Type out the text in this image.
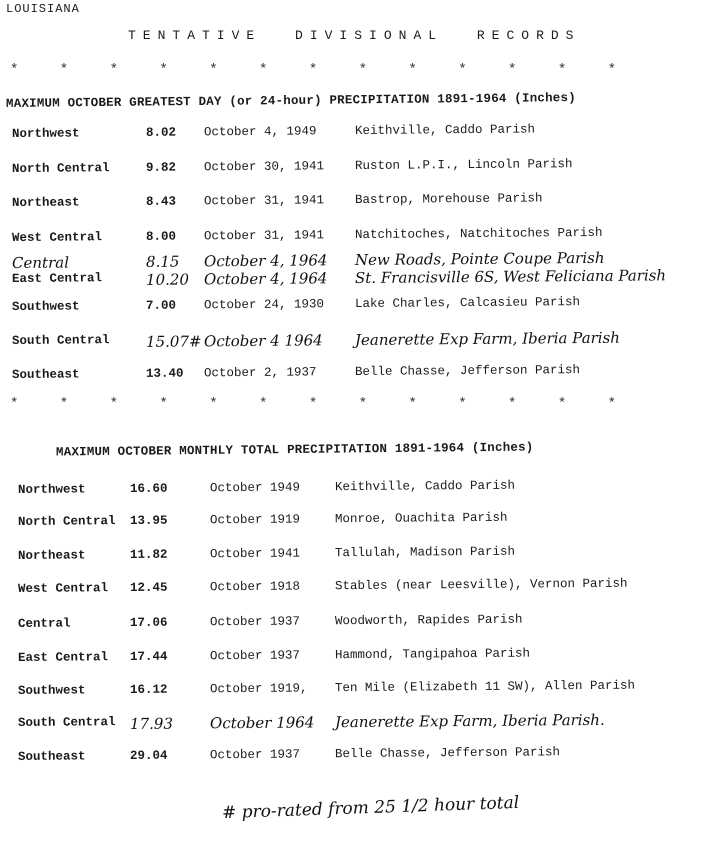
LOUISIANA
TENTATIVE	DIVISIONAL	RECORDS
* * * * * * * * * * * * *
MAXIMUM OCTOBER GREATEST DAY (or 24-hour) PRECIPITATION 1891-1964 (Inches)
Northwest	8.02 October 4, 1949	Keithville, Caddo Parish
North Central	9.82 October 30, 1941 Ruston L.P.I., Lincoln Parish
Northeast	8.43 October 31, 1941 Bastrop, Morehouse Parish
West Central	8.00 October 31, 1941 Natchitoches, Natchitoches Parish
Central	8.15 October 4, 1964 New Roads, Pointe Coupe Parish
East Central	10.20 October 4, 1964 St. Francisville 6S, West Feliciana Parish
Southwest	7.00 October 24, 1930 Lake Charles, Calcasieu Parish
South Central 15.07# October 4 1964 Jeanerette Exp Farm, Iberia Parish
Southeast	13.40 October 2, 1937	Belle Chasse, Jefferson Parish
* * * * * * * * * * * * *
MAXIMUM OCTOBER MONTHLY TOTAL PRECIPITATION 1891-1964 (Inches)
Northwest	16.60	October 1949	Keithville, Caddo Parish
North Central 13.95	October 1919	Monroe, Ouachita Parish
Northeast	11.82	October 1941	Tallulah, Madison Parish
West Central 12.45	October 1918	Stables (near Leesville), Vernon Parish
Central	17.06	October 1937	Woodworth, Rapides Parish
East Central 17.44	October 1937	Hammond, Tangipahoa Parish
Southwest	16.12	October 1919, Ten Mile (Elizabeth 11 SW), Allen Parish
South Central 17.93 October 1964 Jeanerette Exp Farm, Iberia Parish.
Southeast	29.04	October 1937	Belle Chasse, Jefferson Parish
# pro-rated from 25 1/2 hour total
